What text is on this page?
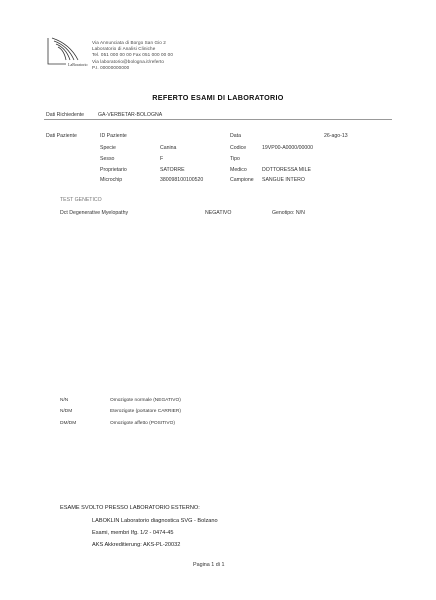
LaBoratorio
Via Annunciata di Borgo San Gio 2
Laboratorio di Analisi Cliniche
Tel. 051 000 00 00 Fax 051 000 00 00
Via laboratorio@bologna.it/referto
P.I. 00000000000
REFERTO ESAMI DI LABORATORIO
Dati Richiedente	GA-VERBETAR-BOLOGNA
Dati Paziente	ID Paziente	Data	26-ago-13
Specie	Canina	Codice	19VP00-A0000/00000
Sesso	F	Tipo
Proprietario	SATORRE	Medico	DOTTORESSA MILE
Microchip	380098100100520	Campione SANGUE INTERO
TEST GENETICO
Dct Degenerative Myelopathy	NEGATIVO	Genotipo: N/N
N/N	Omozigote normale (NEGATIVO)
N/DM	Eterozigote (portatore CARRIER)
DM/DM	Omozigote affetto (POSITIVO)
ESAME SVOLTO PRESSO LABORATORIO ESTERNO:
LABOKLIN Laboratorio diagnostica SVG - Bolzano
Esami, membri Ifg. 1/2 - 0474-45
AKS Akkreditierung: AKS-PL-20032
Pagina 1 di 1
